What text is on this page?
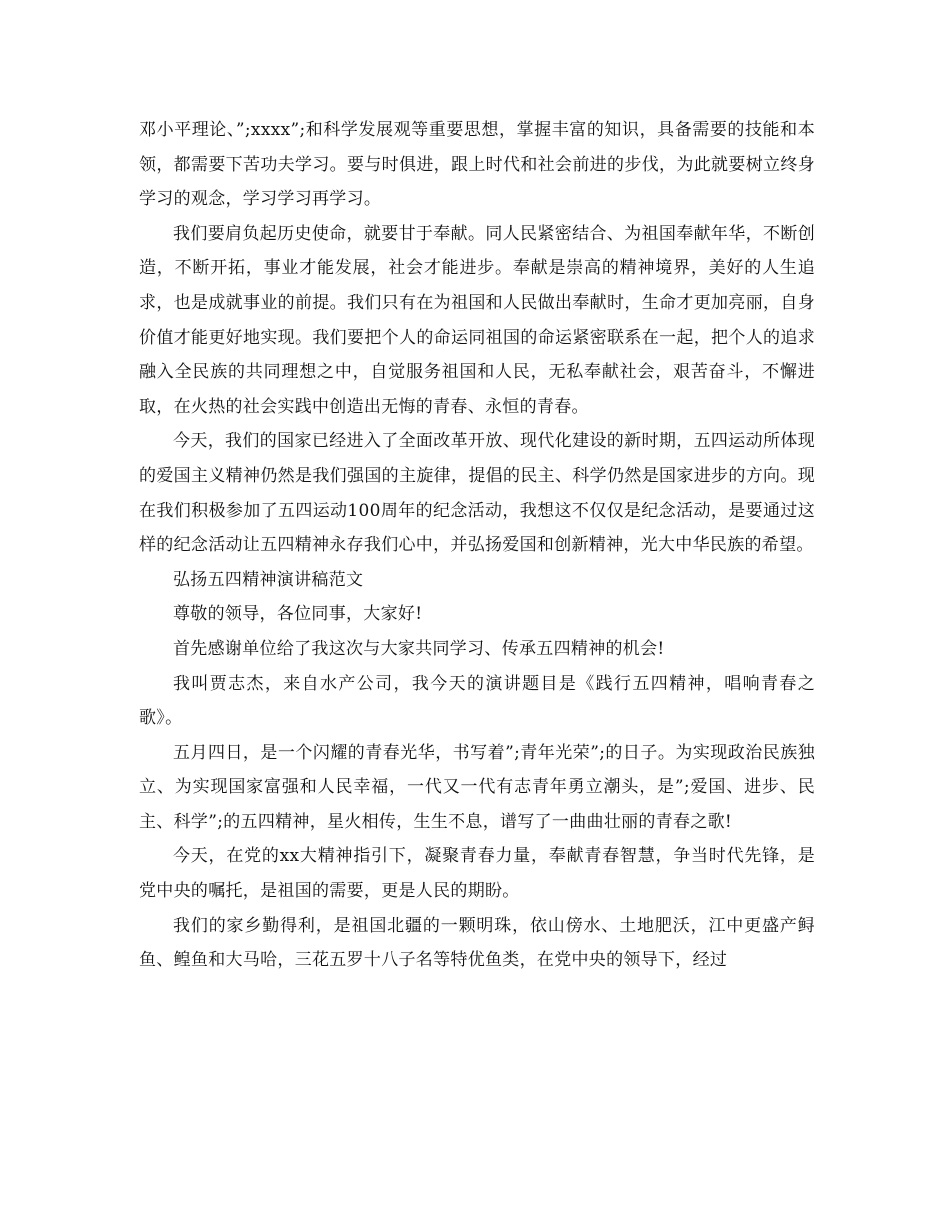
邓小平理论、”;xxxx”;和科学发展观等重要思想，掌握丰富的知识，具备需要的技能和本领，都需要下苦功夫学习。要与时俱进，跟上时代和社会前进的步伐，为此就要树立终身学习的观念，学习学习再学习。

我们要肩负起历史使命，就要甘于奉献。同人民紧密结合、为祖国奉献年华，不断创造，不断开拓，事业才能发展，社会才能进步。奉献是崇高的精神境界，美好的人生追求，也是成就事业的前提。我们只有在为祖国和人民做出奉献时，生命才更加亮丽，自身价值才能更好地实现。我们要把个人的命运同祖国的命运紧密联系在一起，把个人的追求融入全民族的共同理想之中，自觉服务祖国和人民，无私奉献社会，艰苦奋斗，不懈进取，在火热的社会实践中创造出无悔的青春、永恒的青春。

今天，我们的国家已经进入了全面改革开放、现代化建设的新时期，五四运动所体现的爱国主义精神仍然是我们强国的主旋律，提倡的民主、科学仍然是国家进步的方向。现在我们积极参加了五四运动100周年的纪念活动，我想这不仅仅是纪念活动，是要通过这样的纪念活动让五四精神永存我们心中，并弘扬爱国和创新精神，光大中华民族的希望。

弘扬五四精神演讲稿范文

尊敬的领导，各位同事，大家好!

首先感谢单位给了我这次与大家共同学习、传承五四精神的机会!

我叫贾志杰，来自水产公司，我今天的演讲题目是《践行五四精神，唱响青春之歌》。

五月四日，是一个闪耀的青春光华，书写着”;青年光荣”;的日子。为实现政治民族独立、为实现国家富强和人民幸福，一代又一代有志青年勇立潮头，是”;爱国、进步、民主、科学”;的五四精神，星火相传，生生不息，谱写了一曲曲壮丽的青春之歌!

今天，在党的xx大精神指引下，凝聚青春力量，奉献青春智慧，争当时代先锋，是党中央的嘱托，是祖国的需要，更是人民的期盼。

我们的家乡勤得利，是祖国北疆的一颗明珠，依山傍水、土地肥沃，江中更盛产鲟鱼、鳇鱼和大马哈，三花五罗十八子名等特优鱼类，在党中央的领导下，经过
